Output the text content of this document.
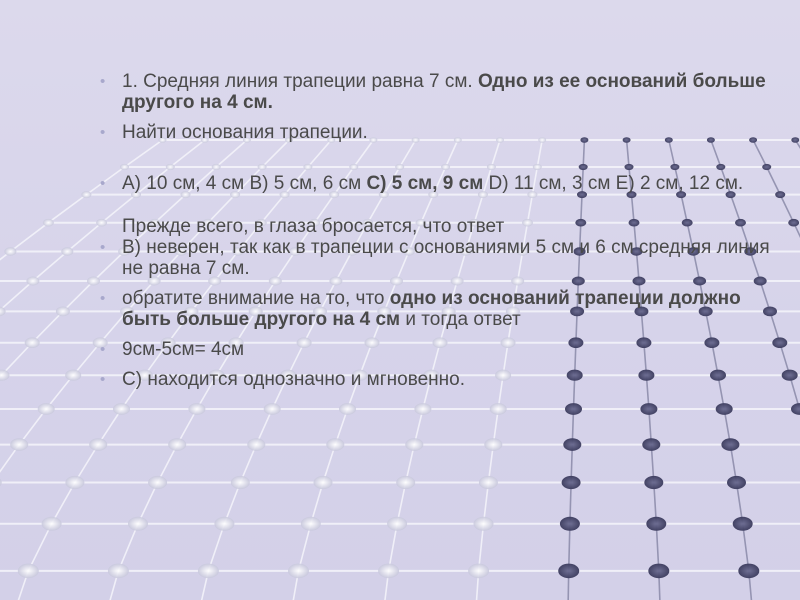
• 1. Средняя линия трапеции равна 7 см. Одно из ее оснований больше другого на 4 см.
• Найти основания трапеции.
• А) 10 см, 4 см В) 5 см, 6 см С) 5 см, 9 см D) 11 см, 3 см Е) 2 см, 12 см.
Прежде всего, в глаза бросается, что ответ
• В) неверен, так как в трапеции с основаниями 5 см и 6 см средняя линия не равна 7 см.
• обратите внимание на то, что одно из оснований трапеции должно быть больше другого на 4 см и тогда ответ
• 9см-5см= 4см
• С) находится однозначно и мгновенно.
